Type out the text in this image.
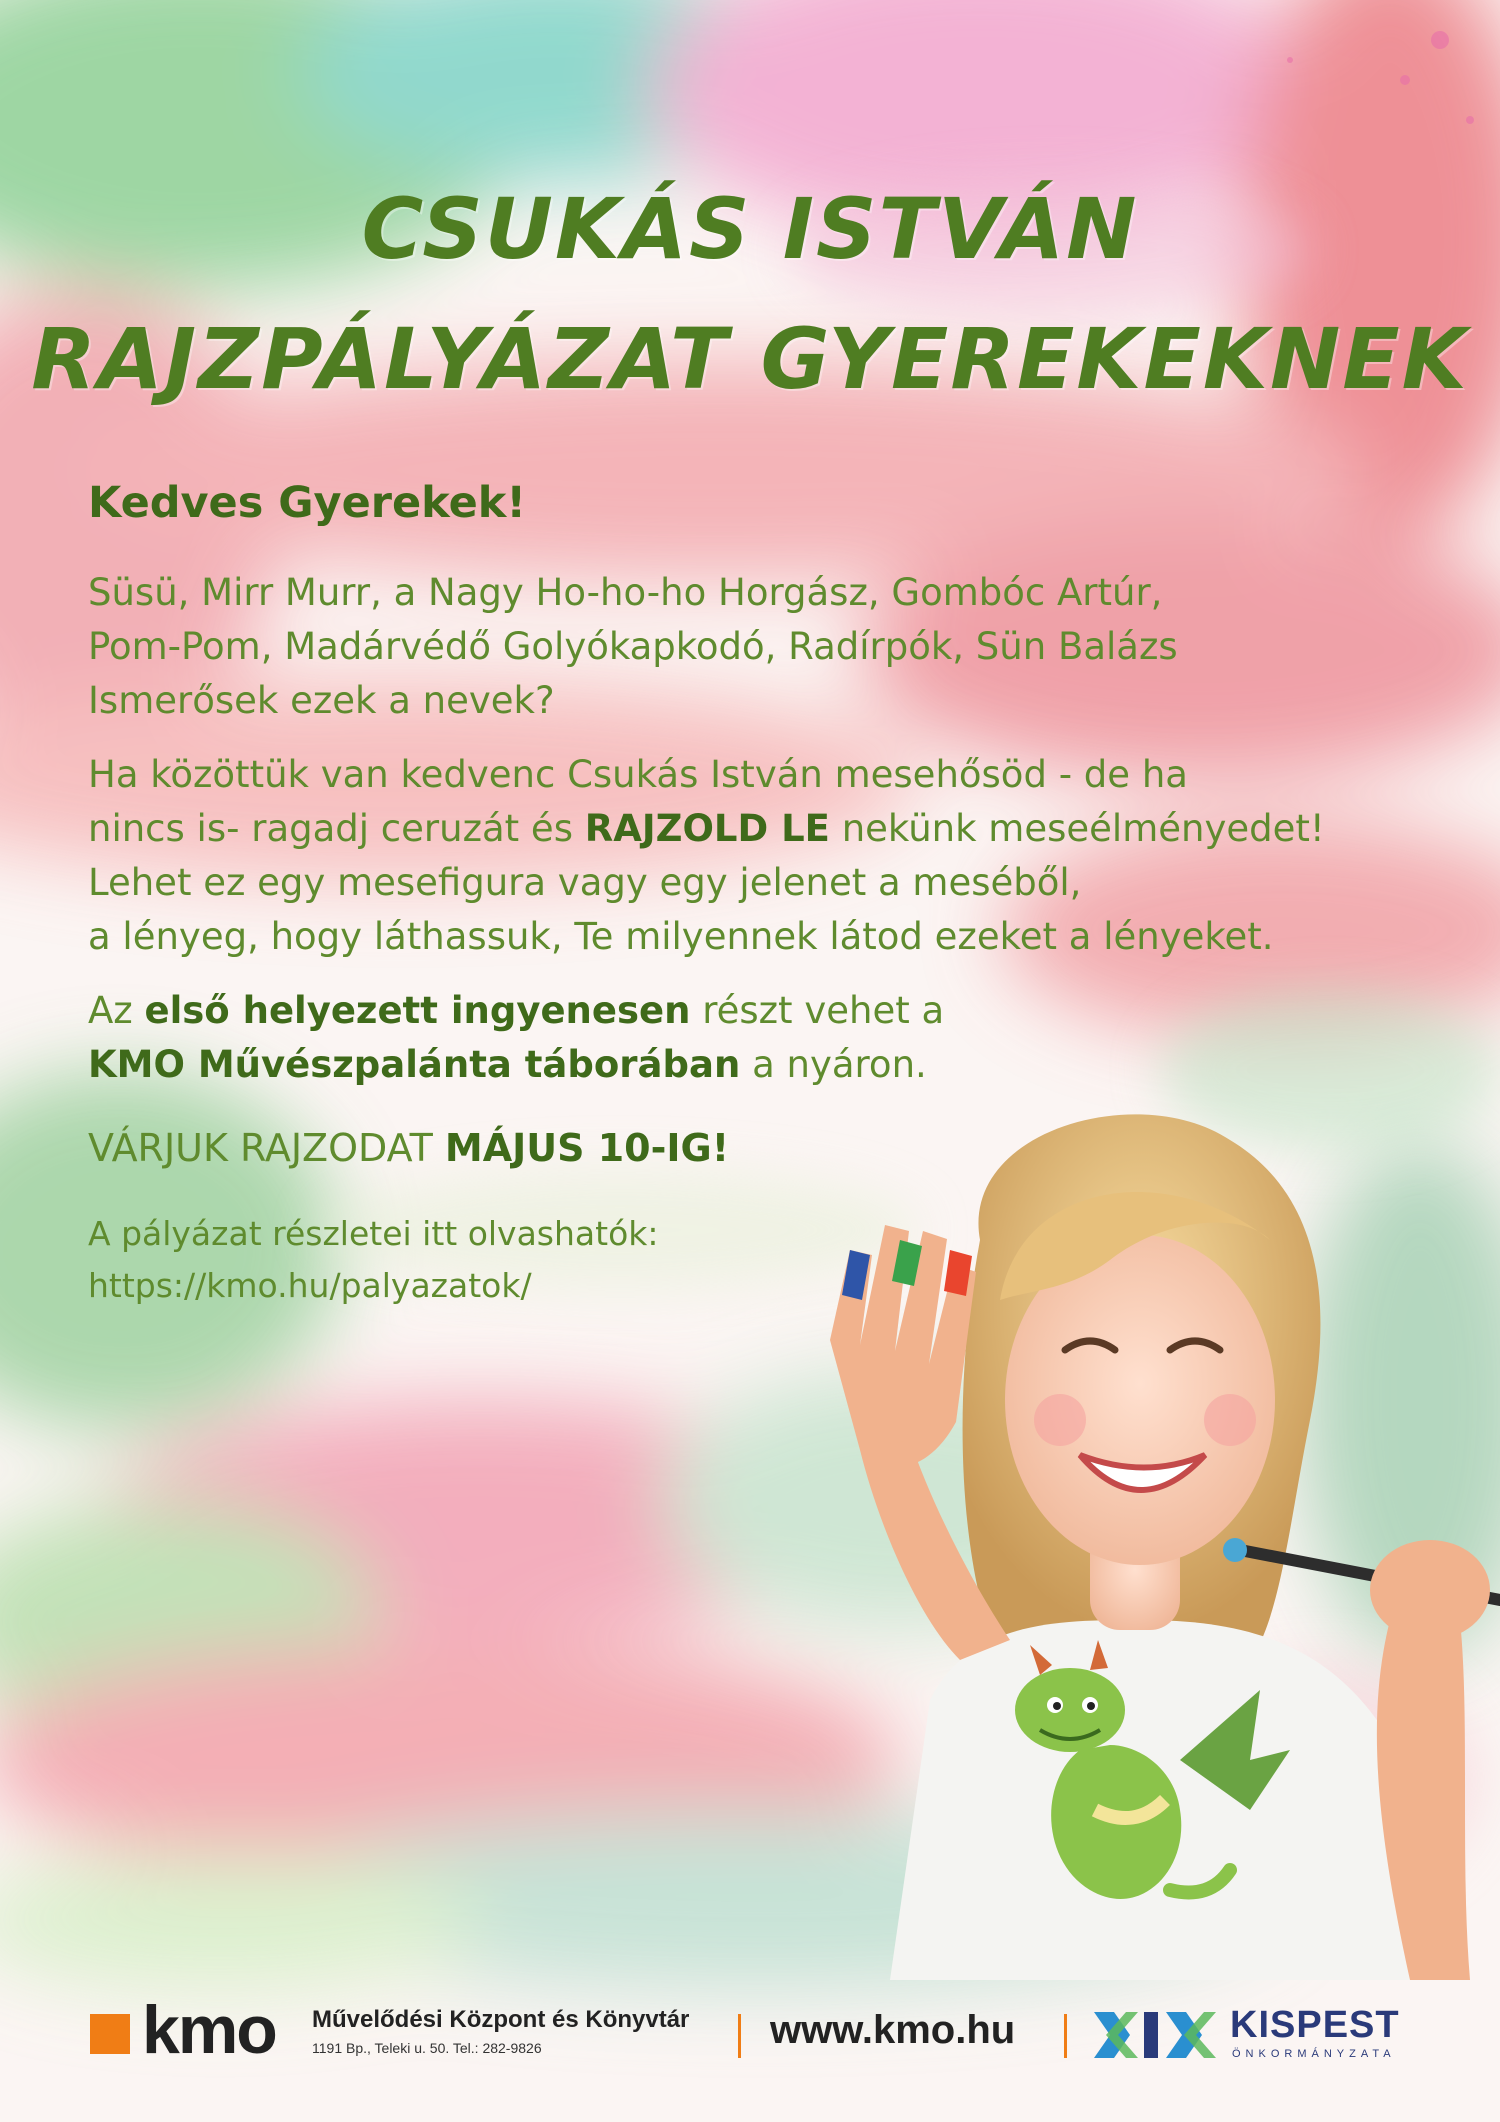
CSUKÁS ISTVÁN
RAJZPÁLYÁZAT GYEREKEKNEK
Kedves Gyerekek!
Süsü, Mirr Murr, a Nagy Ho-ho-ho Horgász, Gombóc Artúr,
Pom-Pom, Madárvédő Golyókapkodó, Radírpók, Sün Balázs
Ismerősek ezek a nevek?
Ha közöttük van kedvenc Csukás István mesehősöd - de ha
nincs is- ragadj ceruzát és RAJZOLD LE nekünk meseélményedet!
Lehet ez egy mesefigura vagy egy jelenet a meséből,
a lényeg, hogy láthassuk, Te milyennek látod ezeket a lényeket.
Az első helyezett ingyenesen részt vehet a
KMO Művészpalánta táborában a nyáron.
VÁRJUK RAJZODAT MÁJUS 10-IG!
A pályázat részletei itt olvashatók:
https://kmo.hu/palyazatok/
kmo Művelődési Központ és Könyvtár
1191 Bp., Teleki u. 50. Tel.: 282-9826	www.kmo.hu	KISPEST
ÖNKORMÁNYZATA
